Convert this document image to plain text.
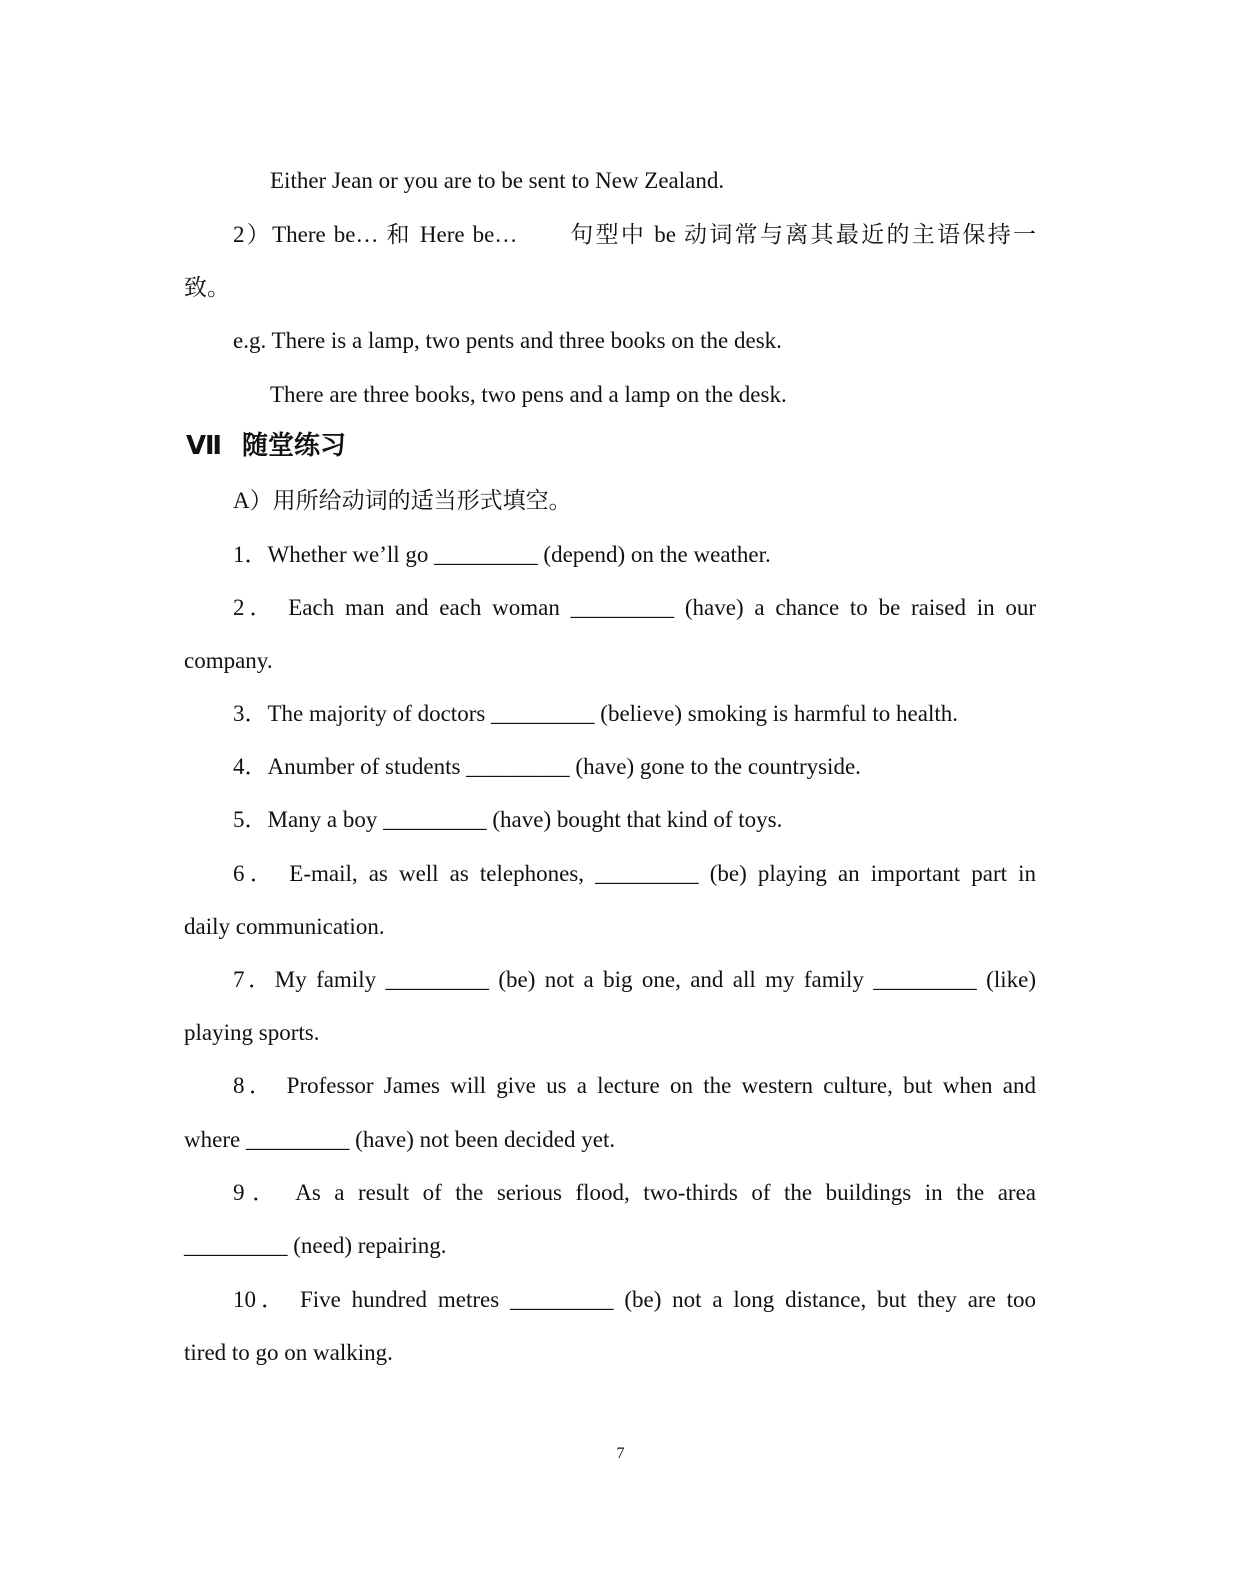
Either Jean or you are to be sent to New Zealand.

2）There be… 和 Here be…　　句型中 be 动词常与离其最近的主语保持一

致。

e.g. There is a lamp, two pents and three books on the desk.

There are three books, two pens and a lamp on the desk.

Ⅶ 随堂练习

A）用所给动词的适当形式填空。

1．Whether we’ll go _________ (depend) on the weather.

2． Each man and each woman _________ (have) a chance to be raised in our

company.

3．The majority of doctors _________ (believe) smoking is harmful to health.

4．Anumber of students _________ (have) gone to the countryside.

5．Many a boy _________ (have) bought that kind of toys.

6． E-mail, as well as telephones, _________ (be) playing an important part in

daily communication.

7．My family _________ (be) not a big one, and all my family _________ (like)

playing sports.

8． Professor James will give us a lecture on the western culture, but when and

where _________ (have) not been decided yet.

9． As a result of the serious flood, two-thirds of the buildings in the area

_________ (need) repairing.

10． Five hundred metres _________ (be) not a long distance, but they are too

tired to go on walking.

7
